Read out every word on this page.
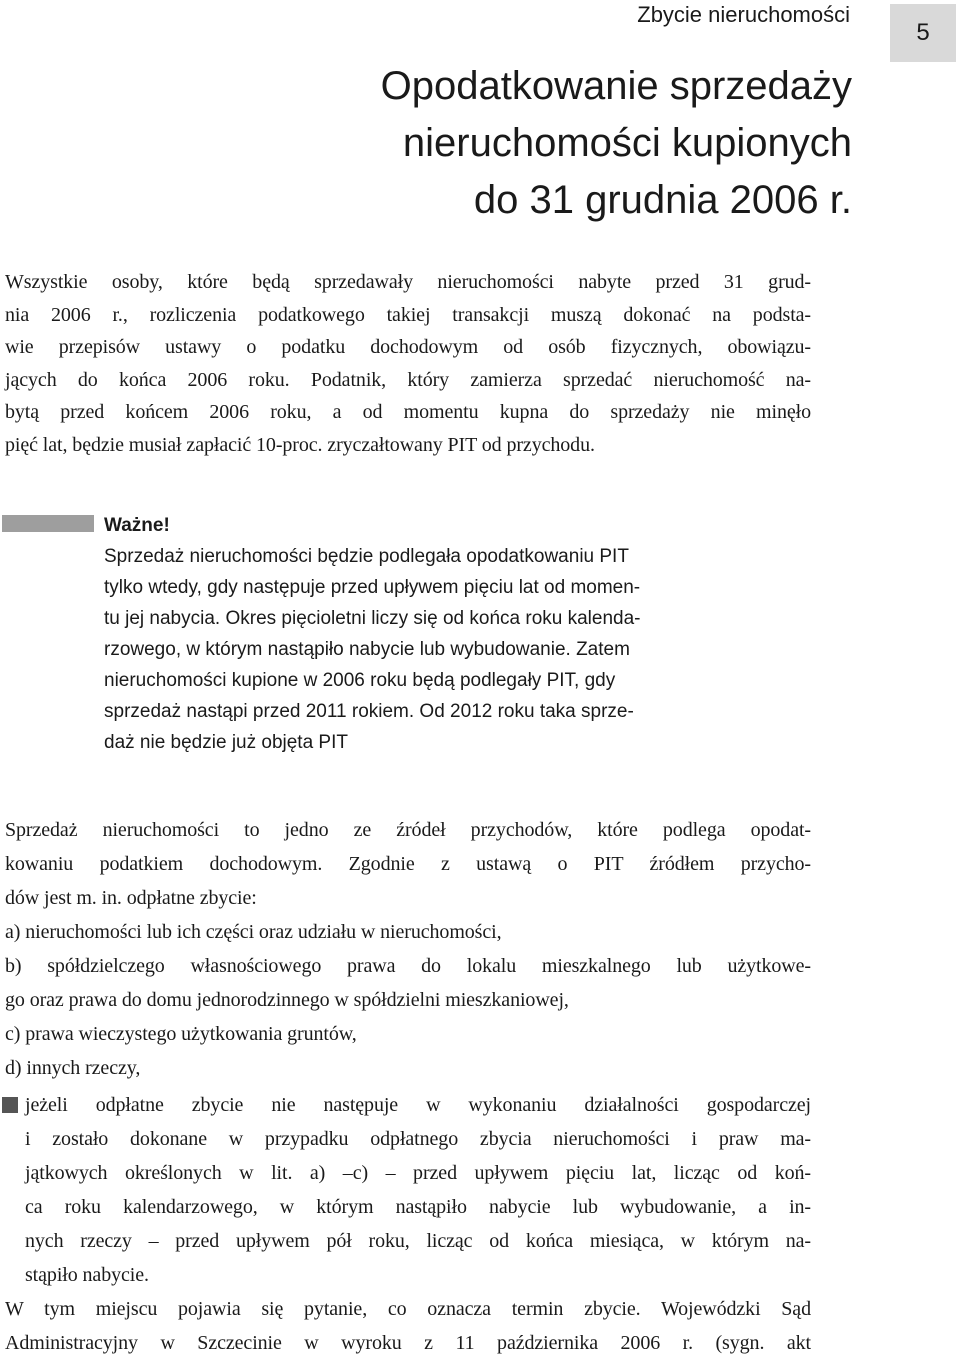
Zbycie nieruchomości
5
Opodatkowanie sprzedaży
nieruchomości kupionych
do 31 grudnia 2006 r.
Wszystkie osoby, które będą sprzedawały nieruchomości nabyte przed 31 grud-
nia 2006 r., rozliczenia podatkowego takiej transakcji muszą dokonać na podsta-
wie przepisów ustawy o podatku dochodowym od osób fizycznych, obowiązu-
jących do końca 2006 roku. Podatnik, który zamierza sprzedać nieruchomość na-
bytą przed końcem 2006 roku, a od momentu kupna do sprzedaży nie minęło
pięć lat, będzie musiał zapłacić 10-proc. zryczałtowany PIT od przychodu.
Ważne!
Sprzedaż nieruchomości będzie podlegała opodatkowaniu PIT
tylko wtedy, gdy następuje przed upływem pięciu lat od momen-
tu jej nabycia. Okres pięcioletni liczy się od końca roku kalenda-
rzowego, w którym nastąpiło nabycie lub wybudowanie. Zatem
nieruchomości kupione w 2006 roku będą podlegały PIT, gdy
sprzedaż nastąpi przed 2011 rokiem. Od 2012 roku taka sprze-
daż nie będzie już objęta PIT
Sprzedaż nieruchomości to jedno ze źródeł przychodów, które podlega opodat-
kowaniu podatkiem dochodowym. Zgodnie z ustawą o PIT źródłem przycho-
dów jest m. in. odpłatne zbycie:
a) nieruchomości lub ich części oraz udziału w nieruchomości,
b) spółdzielczego własnościowego prawa do lokalu mieszkalnego lub użytkowe-
go oraz prawa do domu jednorodzinnego w spółdzielni mieszkaniowej,
c) prawa wieczystego użytkowania gruntów,
d) innych rzeczy,
jeżeli odpłatne zbycie nie następuje w wykonaniu działalności gospodarczej
i zostało dokonane w przypadku odpłatnego zbycia nieruchomości i praw ma-
jątkowych określonych w lit. a) –c) – przed upływem pięciu lat, licząc od koń-
ca roku kalendarzowego, w którym nastąpiło nabycie lub wybudowanie, a in-
nych rzeczy – przed upływem pół roku, licząc od końca miesiąca, w którym na-
stąpiło nabycie.
W tym miejscu pojawia się pytanie, co oznacza termin zbycie. Wojewódzki Sąd
Administracyjny w Szczecinie w wyroku z 11 października 2006 r. (sygn. akt
